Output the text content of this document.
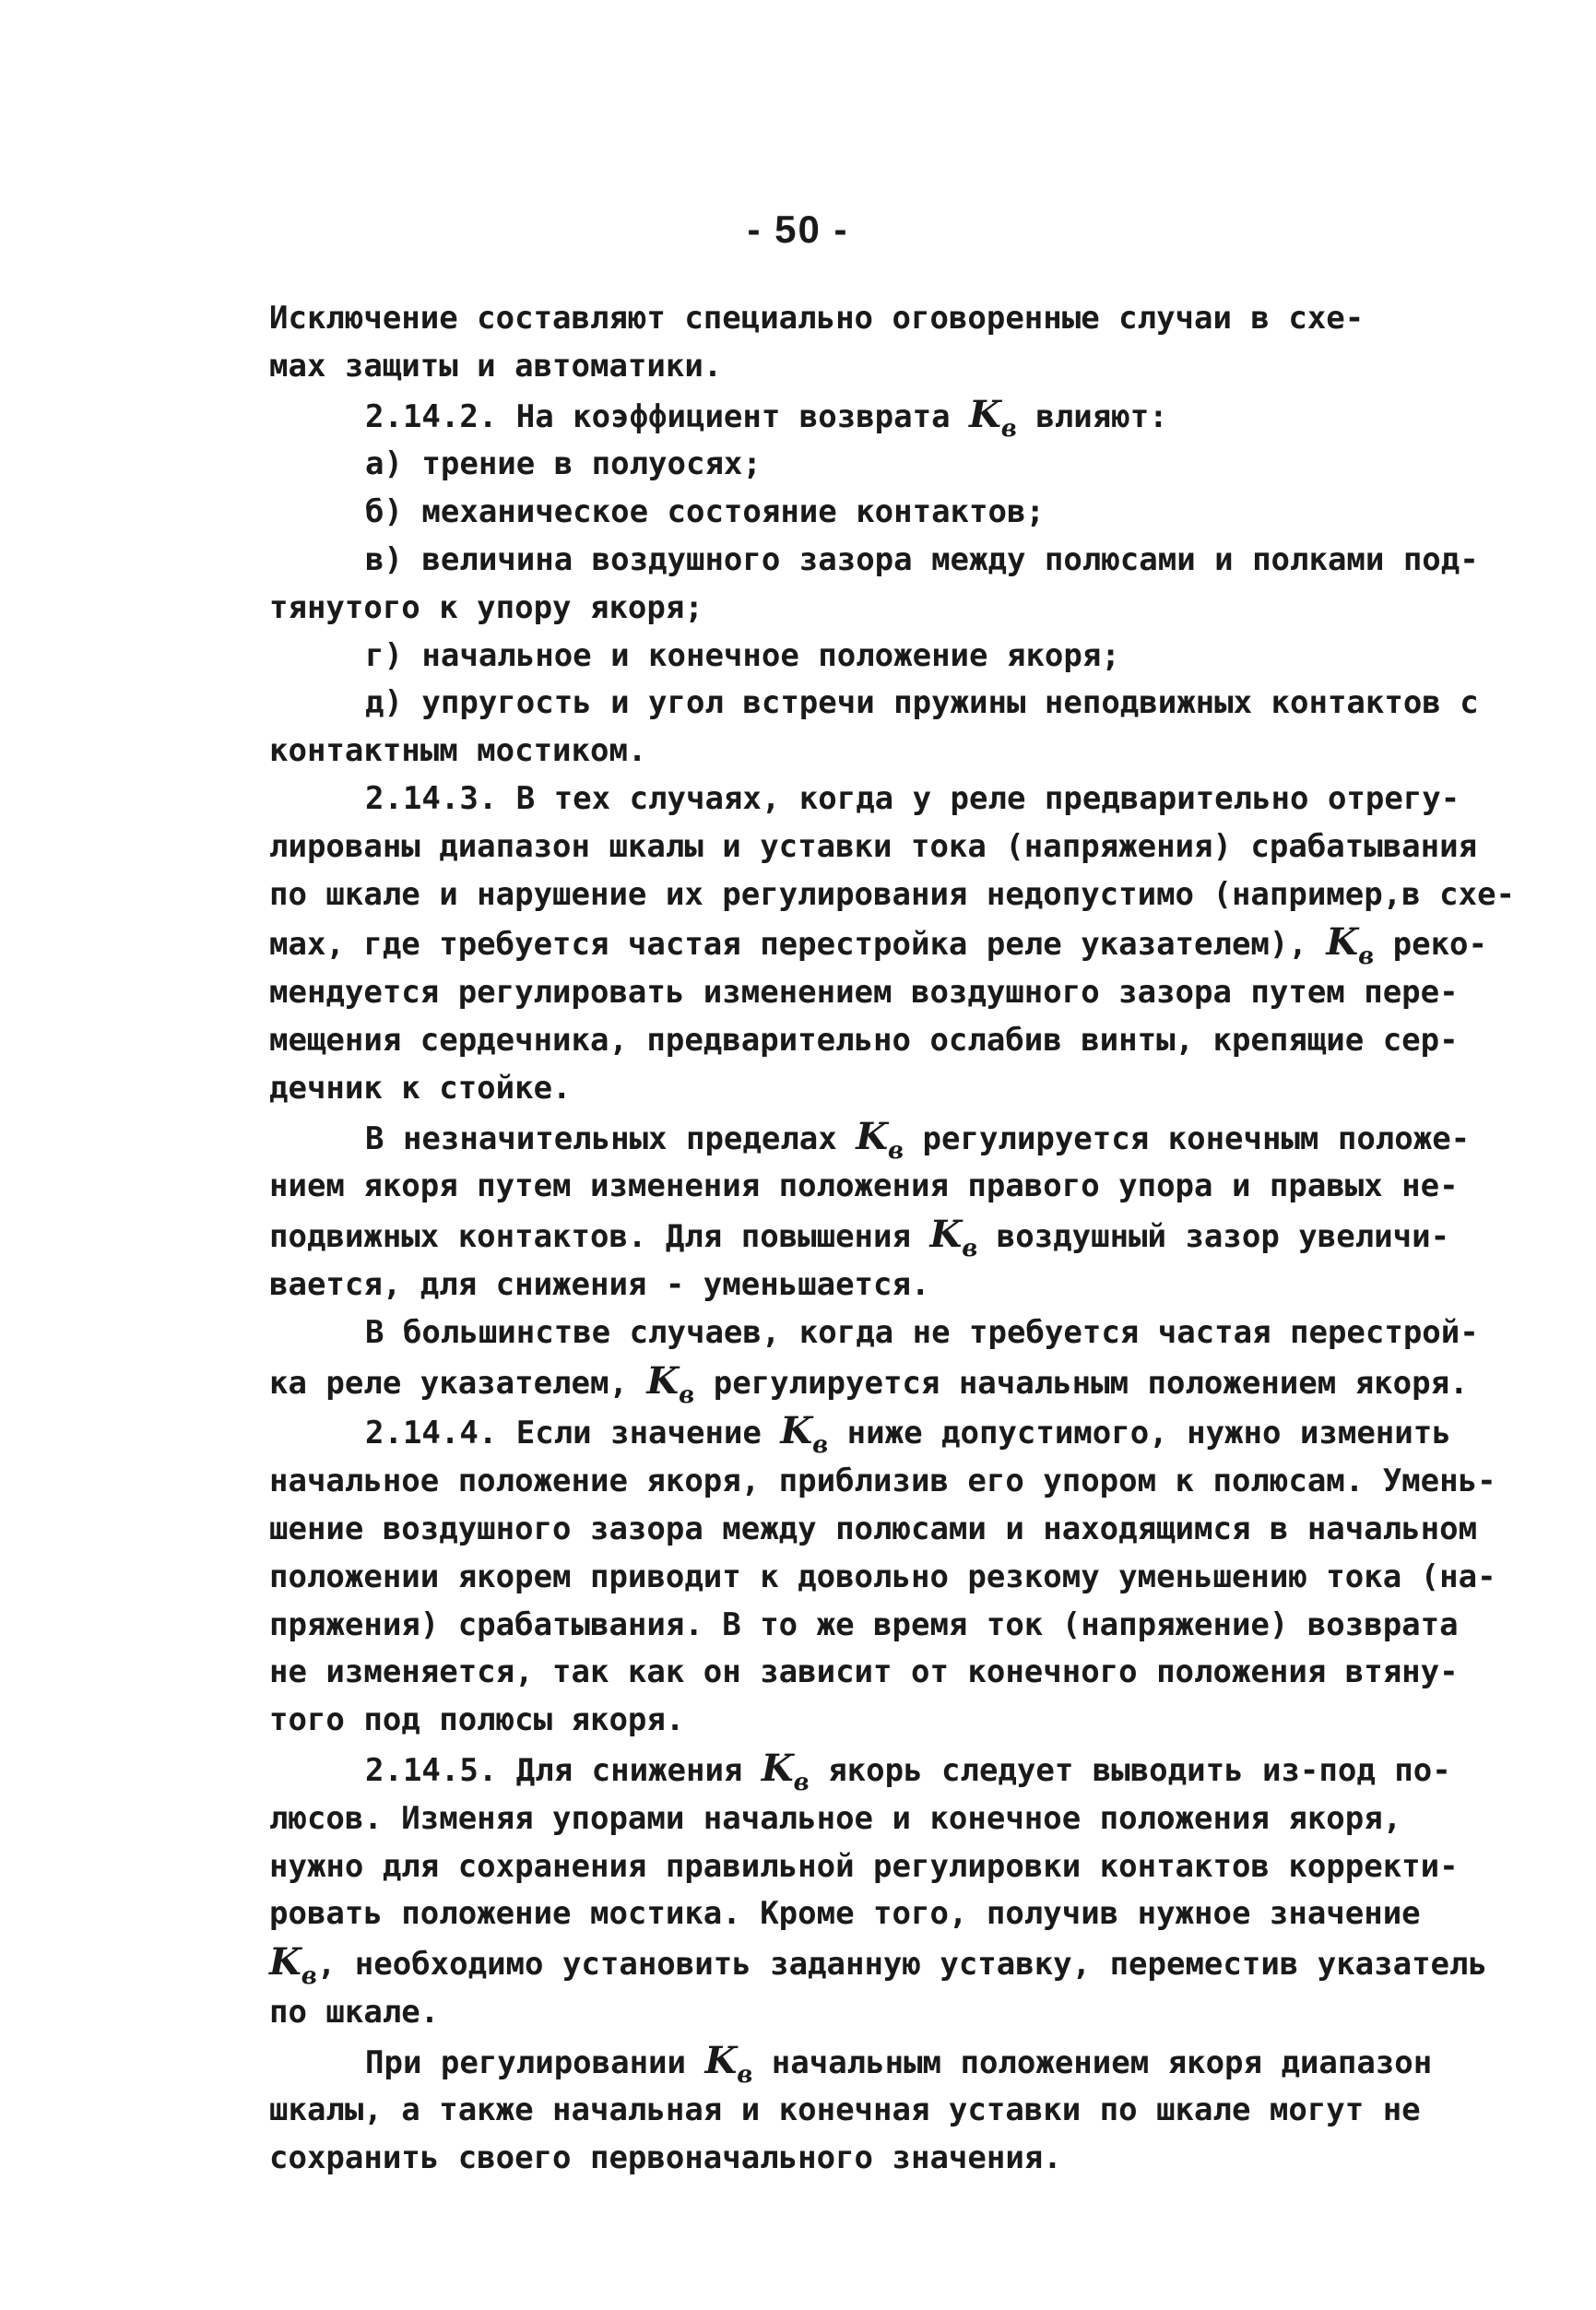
- 50 -
Исключение составляют специально оговоренные случаи в схе-
мах защиты и автоматики.
2.14.2. На коэффициент возврата $K_в$ влияют:
а) трение в полуосях;
б) механическое состояние контактов;
в) величина воздушного зазора между полюсами и полками под-
тянутого к упору якоря;
г) начальное и конечное положение якоря;
д) упругость и угол встречи пружины неподвижных контактов с
контактным мостиком.
2.14.3. В тех случаях, когда у реле предварительно отрегу-
лированы диапазон шкалы и уставки тока (напряжения) срабатывания
по шкале и нарушение их регулирования недопустимо (например,в схе-
мах, где требуется частая перестройка реле указателем), $K_в$ реко-
мендуется регулировать изменением воздушного зазора путем пере-
мещения сердечника, предварительно ослабив винты, крепящие сер-
дечник к стойке.
В незначительных пределах $K_в$ регулируется конечным положе-
нием якоря путем изменения положения правого упора и правых не-
подвижных контактов. Для повышения $K_в$ воздушный зазор увеличи-
вается, для снижения - уменьшается.
В большинстве случаев, когда не требуется частая перестрой-
ка реле указателем, $K_в$ регулируется начальным положением якоря.
2.14.4. Если значение $K_в$ ниже допустимого, нужно изменить
начальное положение якоря, приблизив его упором к полюсам. Умень-
шение воздушного зазора между полюсами и находящимся в начальном
положении якорем приводит к довольно резкому уменьшению тока (на-
пряжения) срабатывания. В то же время ток (напряжение) возврата
не изменяется, так как он зависит от конечного положения втяну-
того под полюсы якоря.
2.14.5. Для снижения $K_в$ якорь следует выводить из-под по-
люсов. Изменяя упорами начальное и конечное положения якоря,
нужно для сохранения правильной регулировки контактов корректи-
ровать положение мостика. Кроме того, получив нужное значение
$K_в$, необходимо установить заданную уставку, переместив указатель
по шкале.
При регулировании $K_в$ начальным положением якоря диапазон
шкалы, а также начальная и конечная уставки по шкале могут не
сохранить своего первоначального значения.
